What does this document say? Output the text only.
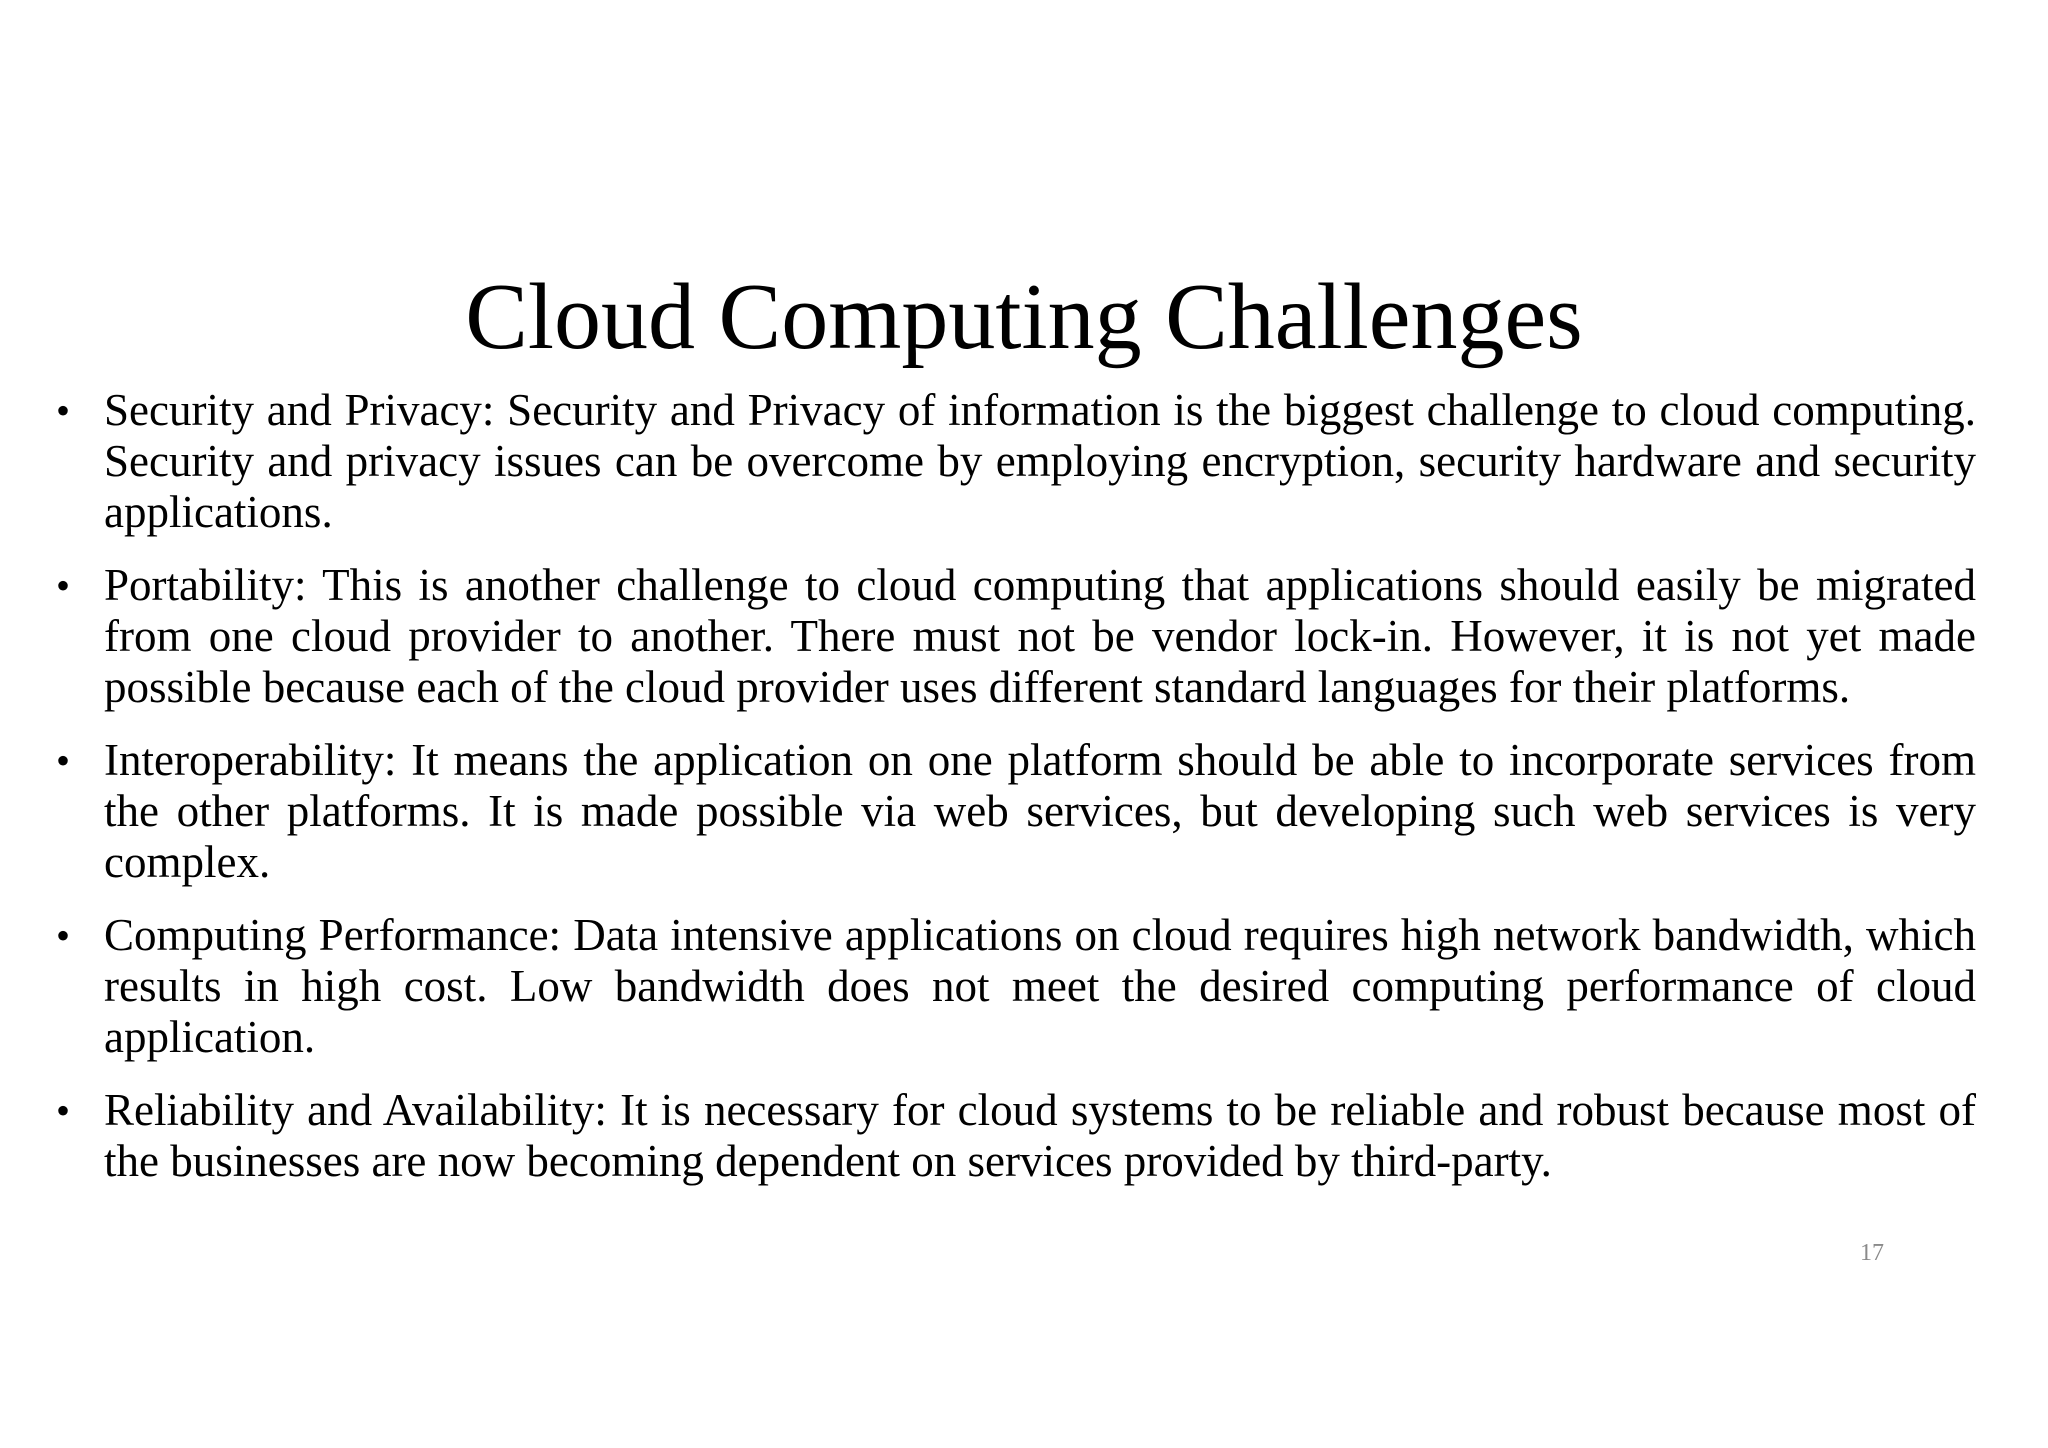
Cloud Computing Challenges
• Security and Privacy: Security and Privacy of information is the biggest challenge to cloud computing. Security and privacy issues can be overcome by employing encryption, security hardware and security applications.
• Portability: This is another challenge to cloud computing that applications should easily be migrated from one cloud provider to another. There must not be vendor lock-in. However, it is not yet made possible because each of the cloud provider uses different standard languages for their platforms.
• Interoperability: It means the application on one platform should be able to incorporate services from the other platforms. It is made possible via web services, but developing such web services is very complex.
• Computing Performance: Data intensive applications on cloud requires high network bandwidth, which results in high cost. Low bandwidth does not meet the desired computing performance of cloud application.
• Reliability and Availability: It is necessary for cloud systems to be reliable and robust because most of the businesses are now becoming dependent on services provided by third-party.
17
